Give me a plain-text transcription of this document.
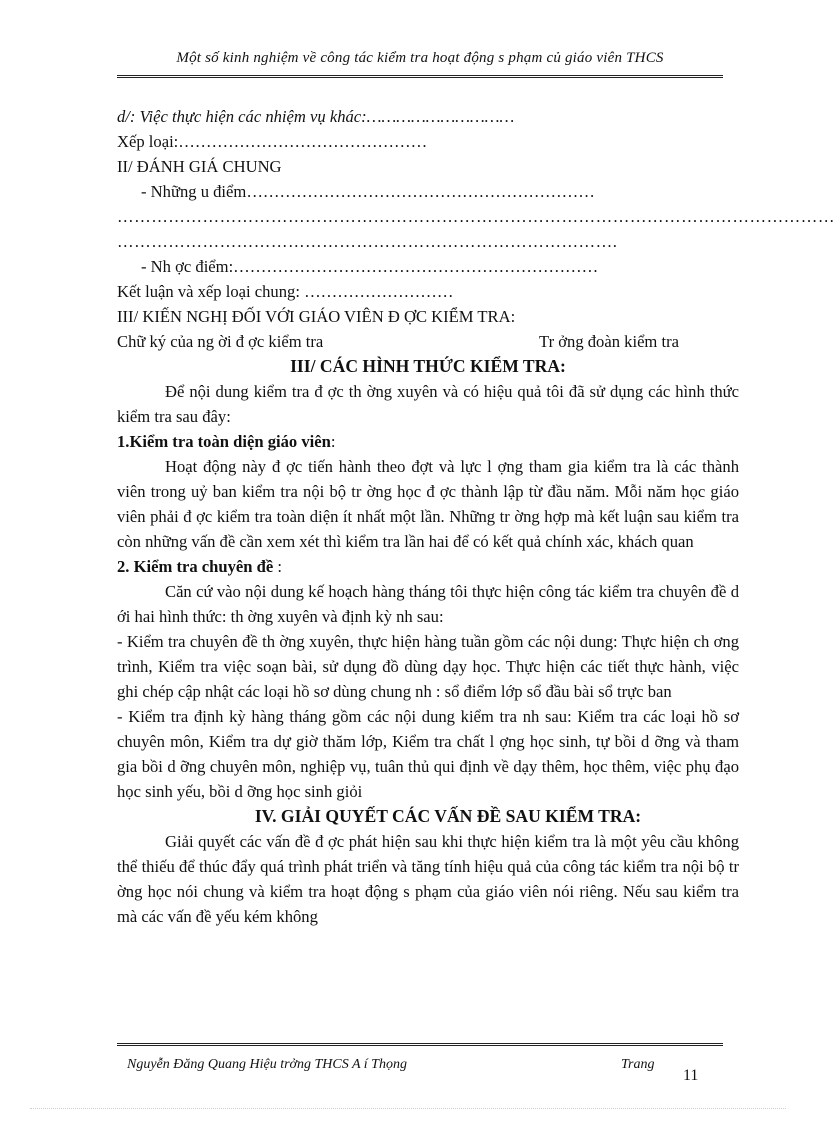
Một số kinh nghiệm về công tác kiểm tra hoạt động s phạm củ giáo viên THCS
d/: Việc thực hiện các nhiệm vụ khác:…………………………
Xếp loại:………………………………………
II/ ĐÁNH GIÁ CHUNG
- Những u điểm………………………………………………………
………………………………………………………………………………………………………………
…………………………………………………………………………….
- Nh ợc điểm:…………………………………………………………
Kết luận và xếp loại chung: ………………………
III/ KIẾN NGHỊ ĐỐI VỚI GIÁO VIÊN Đ ỢC KIỂM TRA:
Chữ ký của ng ời đ ợc kiểm tra	Tr ởng đoàn kiểm tra
III/ CÁC HÌNH THỨC KIỂM TRA:
Để nội dung kiểm tra đ ợc th ờng xuyên và có hiệu quả tôi đã sử dụng các hình thức kiểm tra sau đây:
1.Kiểm tra toàn diện giáo viên:
Hoạt động này đ ợc tiến hành theo đợt và lực l ợng tham gia kiểm tra là các thành viên trong uỷ ban kiểm tra nội bộ tr ờng học đ ợc thành lập từ đầu năm. Mỗi năm học giáo viên phải đ ợc kiểm tra toàn diện ít nhất một lần. Những tr ờng hợp mà kết luận sau kiểm tra còn những vấn đề cần xem xét thì kiểm tra lần hai để có kết quả chính xác, khách quan
2. Kiểm tra chuyên đề :
Căn cứ vào nội dung kế hoạch hàng tháng tôi thực hiện công tác kiểm tra chuyên đề d ới hai hình thức: th ờng xuyên và định kỳ nh sau:
- Kiểm tra chuyên đề th ờng xuyên, thực hiện hàng tuần gồm các nội dung: Thực hiện ch ơng trình, Kiểm tra việc soạn bài, sử dụng đồ dùng dạy học. Thực hiện các tiết thực hành, việc ghi chép cập nhật các loại hồ sơ dùng chung nh : sổ điểm lớp sổ đầu bài sổ trực ban
- Kiểm tra định kỳ hàng tháng gồm các nội dung kiểm tra nh sau: Kiểm tra các loại hồ sơ chuyên môn, Kiểm tra dự giờ thăm lớp, Kiểm tra chất l ợng học sinh, tự bồi d ỡng và tham gia bồi d ỡng chuyên môn, nghiệp vụ, tuân thủ qui định về dạy thêm, học thêm, việc phụ đạo học sinh yếu, bồi d ỡng học sinh giỏi
IV. GIẢI QUYẾT CÁC VẤN ĐỀ SAU KIỂM TRA:
Giải quyết các vấn đề đ ợc phát hiện sau khi thực hiện kiểm tra là một yêu cầu không thể thiếu để thúc đẩy quá trình phát triển và tăng tính hiệu quả của công tác kiểm tra nội bộ tr ờng học nói chung và kiểm tra hoạt động s phạm của giáo viên nói riêng. Nếu sau kiểm tra mà các vấn đề yếu kém không
Nguyễn Đăng Quang Hiệu trởng THCS A í Thọng	Trang
11
